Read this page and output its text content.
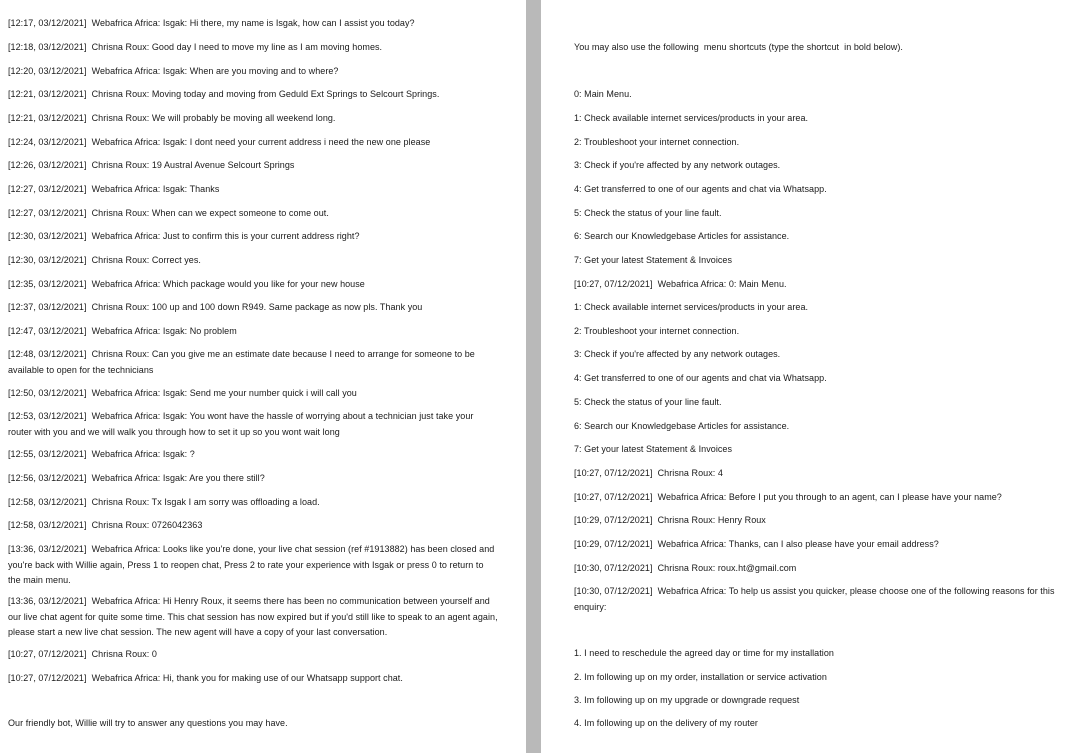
[12:17, 03/12/2021]  Webafrica Africa: Isgak: Hi there, my name is Isgak, how can I assist you today?
[12:18, 03/12/2021]  Chrisna Roux: Good day I need to move my line as I am moving homes.
[12:20, 03/12/2021]  Webafrica Africa: Isgak: When are you moving and to where?
[12:21, 03/12/2021]  Chrisna Roux: Moving today and moving from Geduld Ext Springs to Selcourt Springs.
[12:21, 03/12/2021]  Chrisna Roux: We will probably be moving all weekend long.
[12:24, 03/12/2021]  Webafrica Africa: Isgak: I dont need your current address i need the new one please
[12:26, 03/12/2021]  Chrisna Roux: 19 Austral Avenue Selcourt Springs
[12:27, 03/12/2021]  Webafrica Africa: Isgak: Thanks
[12:27, 03/12/2021]  Chrisna Roux: When can we expect someone to come out.
[12:30, 03/12/2021]  Webafrica Africa: Just to confirm this is your current address right?
[12:30, 03/12/2021]  Chrisna Roux: Correct yes.
[12:35, 03/12/2021]  Webafrica Africa: Which package would you like for your new house
[12:37, 03/12/2021]  Chrisna Roux: 100 up and 100 down R949. Same package as now pls. Thank you
[12:47, 03/12/2021]  Webafrica Africa: Isgak: No problem
[12:48, 03/12/2021]  Chrisna Roux: Can you give me an estimate date because I need to arrange for someone to be available to open for the technicians
[12:50, 03/12/2021]  Webafrica Africa: Isgak: Send me your number quick i will call you
[12:53, 03/12/2021]  Webafrica Africa: Isgak: You wont have the hassle of worrying about a technician just take your router with you and we will walk you through how to set it up so you wont wait long
[12:55, 03/12/2021]  Webafrica Africa: Isgak: ?
[12:56, 03/12/2021]  Webafrica Africa: Isgak: Are you there still?
[12:58, 03/12/2021]  Chrisna Roux: Tx Isgak I am sorry was offloading a load.
[12:58, 03/12/2021]  Chrisna Roux: 0726042363
[13:36, 03/12/2021]  Webafrica Africa: Looks like you're done, your live chat session (ref #1913882) has been closed and you're back with Willie again, Press 1 to reopen chat, Press 2 to rate your experience with Isgak or press 0 to return to the main menu.
[13:36, 03/12/2021]  Webafrica Africa: Hi Henry Roux, it seems there has been no communication between yourself and our live chat agent for quite some time. This chat session has now expired but if you'd still like to speak to an agent again, please start a new live chat session. The new agent will have a copy of your last conversation.
[10:27, 07/12/2021]  Chrisna Roux: 0
[10:27, 07/12/2021]  Webafrica Africa: Hi, thank you for making use of our Whatsapp support chat.
Our friendly bot, Willie will try to answer any questions you may have.
You may also use the following  menu shortcuts (type the shortcut  in bold below).
0: Main Menu.
1: Check available internet services/products in your area.
2: Troubleshoot your internet connection.
3: Check if you're affected by any network outages.
4: Get transferred to one of our agents and chat via Whatsapp.
5: Check the status of your line fault.
6: Search our Knowledgebase Articles for assistance.
7: Get your latest Statement & Invoices
[10:27, 07/12/2021]  Webafrica Africa: 0: Main Menu.
1: Check available internet services/products in your area.
2: Troubleshoot your internet connection.
3: Check if you're affected by any network outages.
4: Get transferred to one of our agents and chat via Whatsapp.
5: Check the status of your line fault.
6: Search our Knowledgebase Articles for assistance.
7: Get your latest Statement & Invoices
[10:27, 07/12/2021]  Chrisna Roux: 4
[10:27, 07/12/2021]  Webafrica Africa: Before I put you through to an agent, can I please have your name?
[10:29, 07/12/2021]  Chrisna Roux: Henry Roux
[10:29, 07/12/2021]  Webafrica Africa: Thanks, can I also please have your email address?
[10:30, 07/12/2021]  Chrisna Roux: roux.ht@gmail.com
[10:30, 07/12/2021]  Webafrica Africa: To help us assist you quicker, please choose one of the following reasons for this enquiry:
1. I need to reschedule the agreed day or time for my installation
2. Im following up on my order, installation or service activation
3. Im following up on my upgrade or downgrade request
4. Im following up on the delivery of my router
